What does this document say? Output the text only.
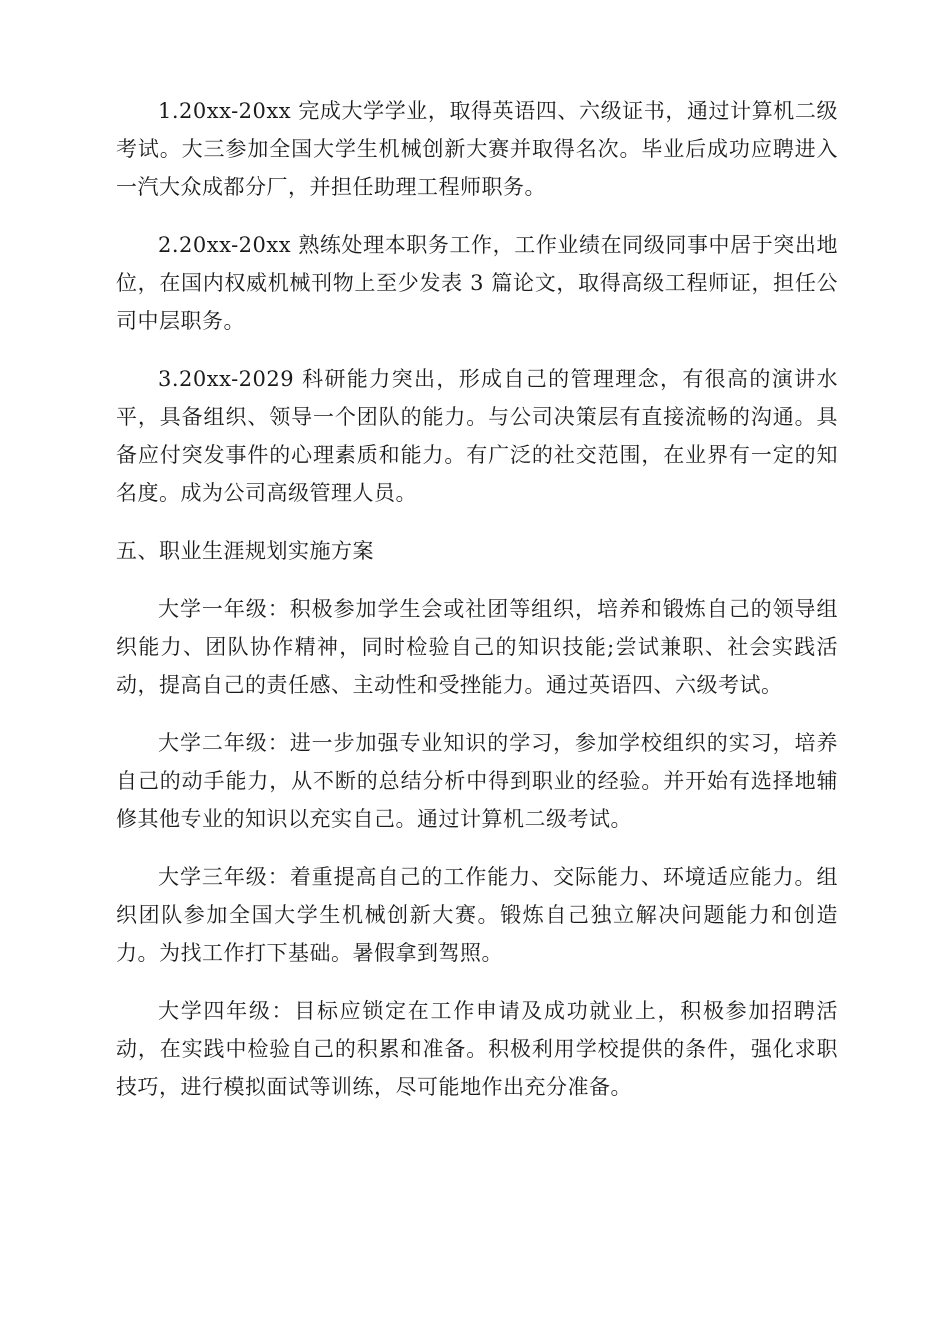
1.20xx-20xx 完成大学学业，取得英语四、六级证书，通过计算机二级考试。大三参加全国大学生机械创新大赛并取得名次。毕业后成功应聘进入一汽大众成都分厂，并担任助理工程师职务。

2.20xx-20xx 熟练处理本职务工作，工作业绩在同级同事中居于突出地位，在国内权威机械刊物上至少发表 3 篇论文，取得高级工程师证，担任公司中层职务。

3.20xx-2029 科研能力突出，形成自己的管理理念，有很高的演讲水平，具备组织、领导一个团队的能力。与公司决策层有直接流畅的沟通。具备应付突发事件的心理素质和能力。有广泛的社交范围，在业界有一定的知名度。成为公司高级管理人员。

五、职业生涯规划实施方案

大学一年级：积极参加学生会或社团等组织，培养和锻炼自己的领导组织能力、团队协作精神，同时检验自己的知识技能;尝试兼职、社会实践活动，提高自己的责任感、主动性和受挫能力。通过英语四、六级考试。

大学二年级：进一步加强专业知识的学习，参加学校组织的实习，培养自己的动手能力，从不断的总结分析中得到职业的经验。并开始有选择地辅修其他专业的知识以充实自己。通过计算机二级考试。

大学三年级：着重提高自己的工作能力、交际能力、环境适应能力。组织团队参加全国大学生机械创新大赛。锻炼自己独立解决问题能力和创造力。为找工作打下基础。暑假拿到驾照。

大学四年级：目标应锁定在工作申请及成功就业上，积极参加招聘活动，在实践中检验自己的积累和准备。积极利用学校提供的条件，强化求职技巧，进行模拟面试等训练，尽可能地作出充分准备。
